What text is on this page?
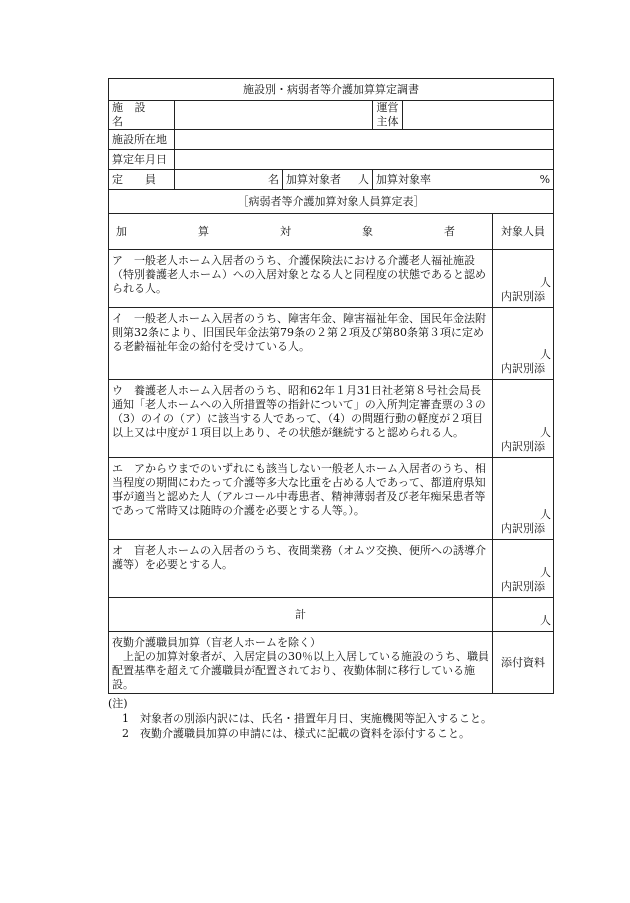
施設別・病弱者等介護加算算定調書					
施 設 名			運営主体		
施設所在地					
算定年月日					
定　　員	名	加算対象者 人	加算対象率 %		
［病弱者等介護加算対象人員算定表］					
加　算　対　象　者					対象人員
ア　一般老人ホーム入居者のうち、介護保険法における介護老人福祉施設（特別養護老人ホーム）への入居対象となる人と同程度の状態であると認められる人。					人
内訳別添
イ　一般老人ホーム入居者のうち、障害年金、障害福祉年金、国民年金法附則第32条により、旧国民年金法第79条の２第２項及び第80条第３項に定める老齢福祉年金の給付を受けている人。					人
内訳別添
ウ　養護老人ホーム入居者のうち、昭和62年１月31日社老第８号社会局長通知「老人ホームへの入所措置等の指針について」の入所判定審査票の３の（3）のイの（ア）に該当する人であって、（4）の問題行動の軽度が２項目以上又は中度が１項目以上あり、その状態が継続すると認められる人。					人
内訳別添
エ　アからウまでのいずれにも該当しない一般老人ホーム入居者のうち、相当程度の期間にわたって介護等多大な比重を占める人であって、都道府県知事が適当と認めた人（アルコール中毒患者、精神薄弱者及び老年痴呆患者等であって常時又は随時の介護を必要とする人等。）。					人
内訳別添
オ　盲老人ホームの入居者のうち、夜間業務（オムツ交換、便所への誘導介護等）を必要とする人。					人
内訳別添
計					人

夜勤介護職員加算（盲老人ホームを除く）
上記の加算対象者が、入居定員の30％以上入居している施設のうち、職員配置基準を超えて介護職員が配置されており、夜勤体制に移行している施設。					添付資料
(注)
1　対象者の別添内訳には、氏名・措置年月日、実施機関等記入すること。
2　夜勤介護職員加算の申請には、様式に記載の資料を添付すること。
